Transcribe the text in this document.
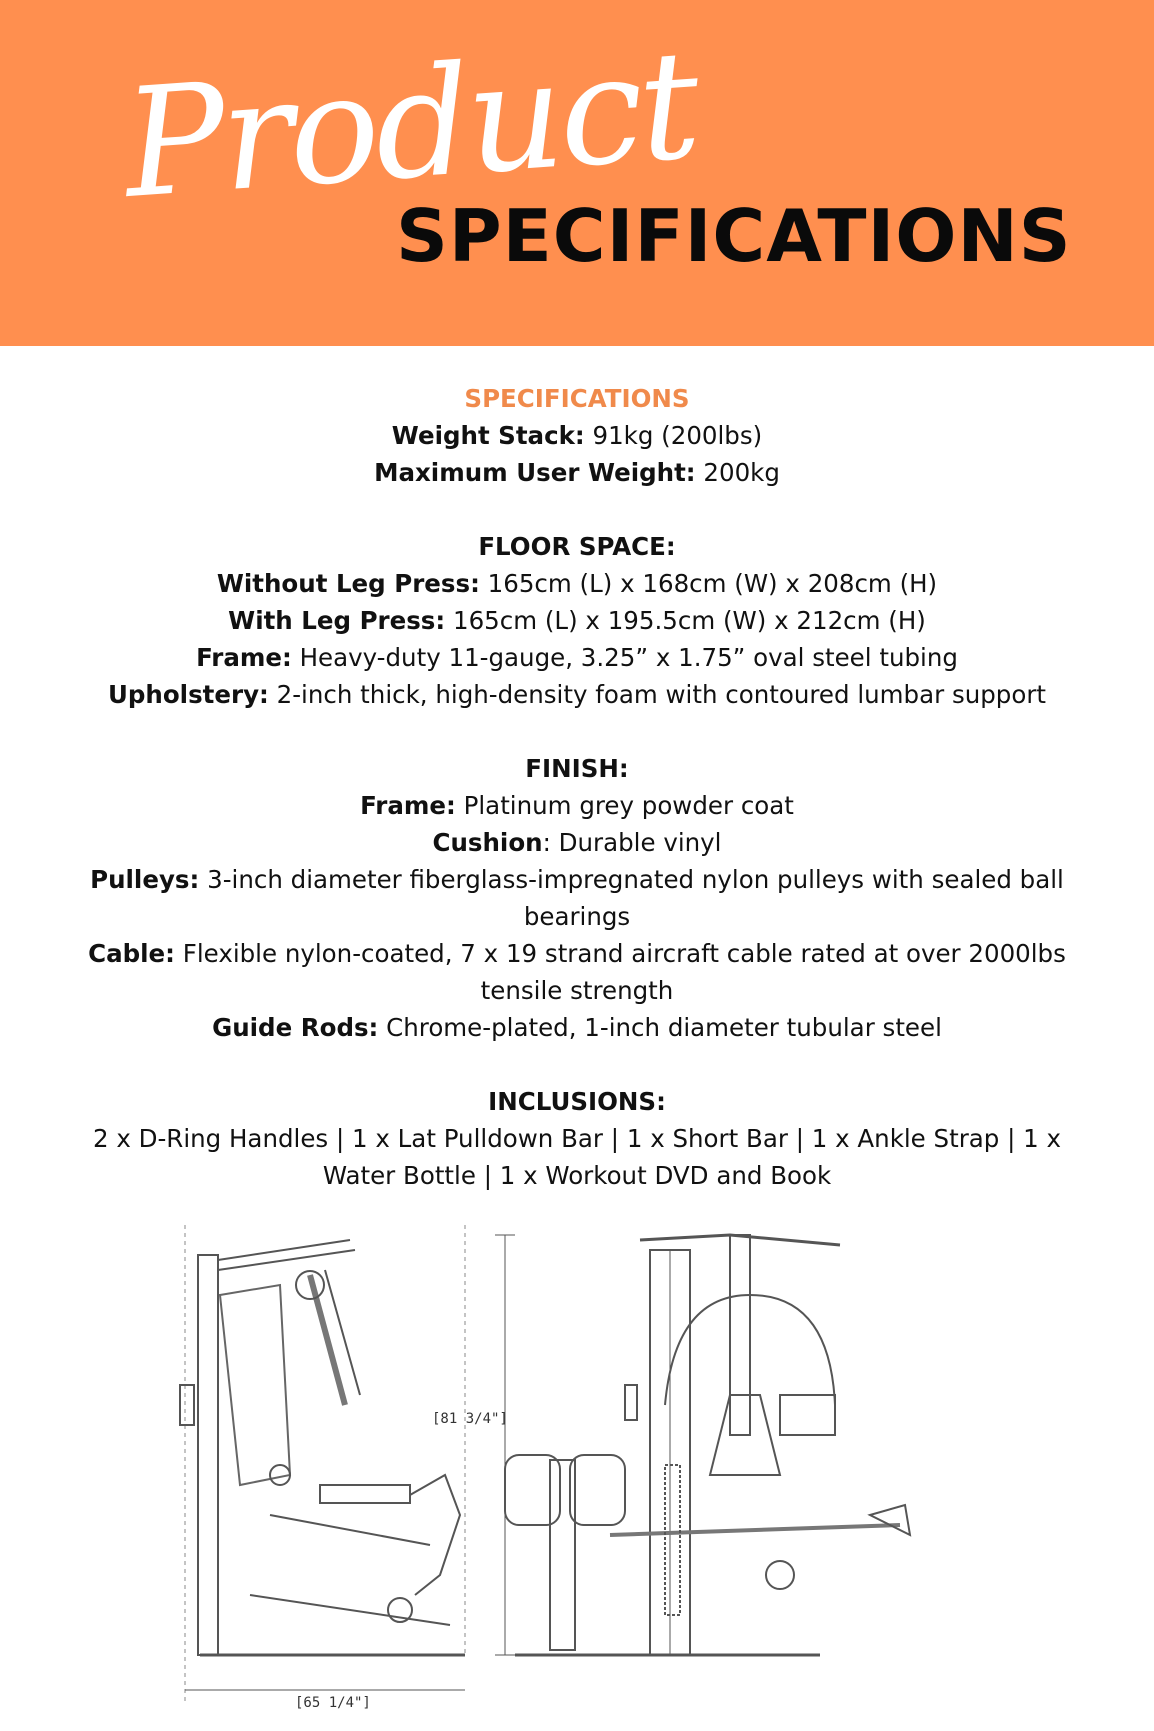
Product
SPECIFICATIONS

SPECIFICATIONS

Weight Stack: 91kg (200lbs)

Maximum User Weight: 200kg

FLOOR SPACE:

Without Leg Press: 165cm (L) x 168cm (W) x 208cm (H)

With Leg Press: 165cm (L) x 195.5cm (W) x 212cm (H)

Frame: Heavy-duty 11-gauge, 3.25” x 1.75” oval steel tubing

Upholstery: 2-inch thick, high-density foam with contoured lumbar support

FINISH:

Frame: Platinum grey powder coat

Cushion: Durable vinyl

Pulleys: 3-inch diameter fiberglass-impregnated nylon pulleys with sealed ball bearings

Cable: Flexible nylon-coated, 7 x 19 strand aircraft cable rated at over 2000lbs tensile strength

Guide Rods: Chrome-plated, 1-inch diameter tubular steel

INCLUSIONS:

2 x D-Ring Handles | 1 x Lat Pulldown Bar | 1 x Short Bar | 1 x Ankle Strap | 1 x Water Bottle | 1 x Workout DVD and Book

[65 1/4"]
[81 3/4"]
